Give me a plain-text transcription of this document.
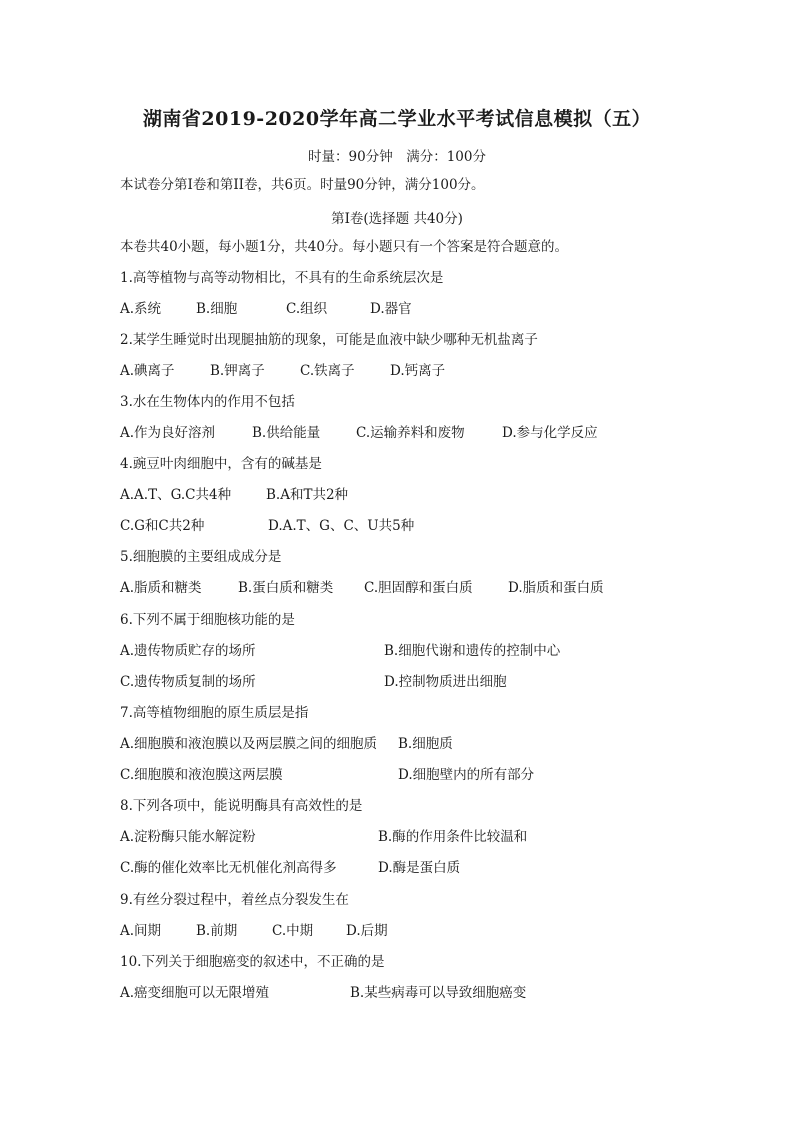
湖南省2019-2020学年高二学业水平考试信息模拟（五）
时量：90分钟　满分：100分
本试卷分第I卷和第II卷，共6页。时量90分钟，满分100分。
第I卷(选择题 共40分)
本卷共40小题，每小题1分，共40分。每小题只有一个答案是符合题意的。
1.高等植物与高等动物相比，不具有的生命系统层次是
A.系统	B.细胞	C.组织	D.器官
2.某学生睡觉时出现腿抽筋的现象，可能是血液中缺少哪种无机盐离子
A.碘离子	B.钾离子	C.铁离子	D.钙离子
3.水在生物体内的作用不包括
A.作为良好溶剂	B.供给能量	C.运输养料和废物	D.参与化学反应
4.豌豆叶肉细胞中，含有的碱基是
A.A.T、G.C共4种	B.A和T共2种
C.G和C共2种	D.A.T、G、C、U共5种
5.细胞膜的主要组成成分是
A.脂质和糖类	B.蛋白质和糖类 C.胆固醇和蛋白质	D.脂质和蛋白质
6.下列不属于细胞核功能的是
A.遗传物质贮存的场所	B.细胞代谢和遗传的控制中心
C.遗传物质复制的场所	D.控制物质进出细胞
7.高等植物细胞的原生质层是指
A.细胞膜和液泡膜以及两层膜之间的细胞质 B.细胞质
C.细胞膜和液泡膜这两层膜	D.细胞壁内的所有部分
8.下列各项中，能说明酶具有高效性的是
A.淀粉酶只能水解淀粉	B.酶的作用条件比较温和
C.酶的催化效率比无机催化剂高得多	D.酶是蛋白质
9.有丝分裂过程中，着丝点分裂发生在
A.间期	B.前期	C.中期 D.后期
10.下列关于细胞癌变的叙述中，不正确的是
A.癌变细胞可以无限增殖	B.某些病毒可以导致细胞癌变
